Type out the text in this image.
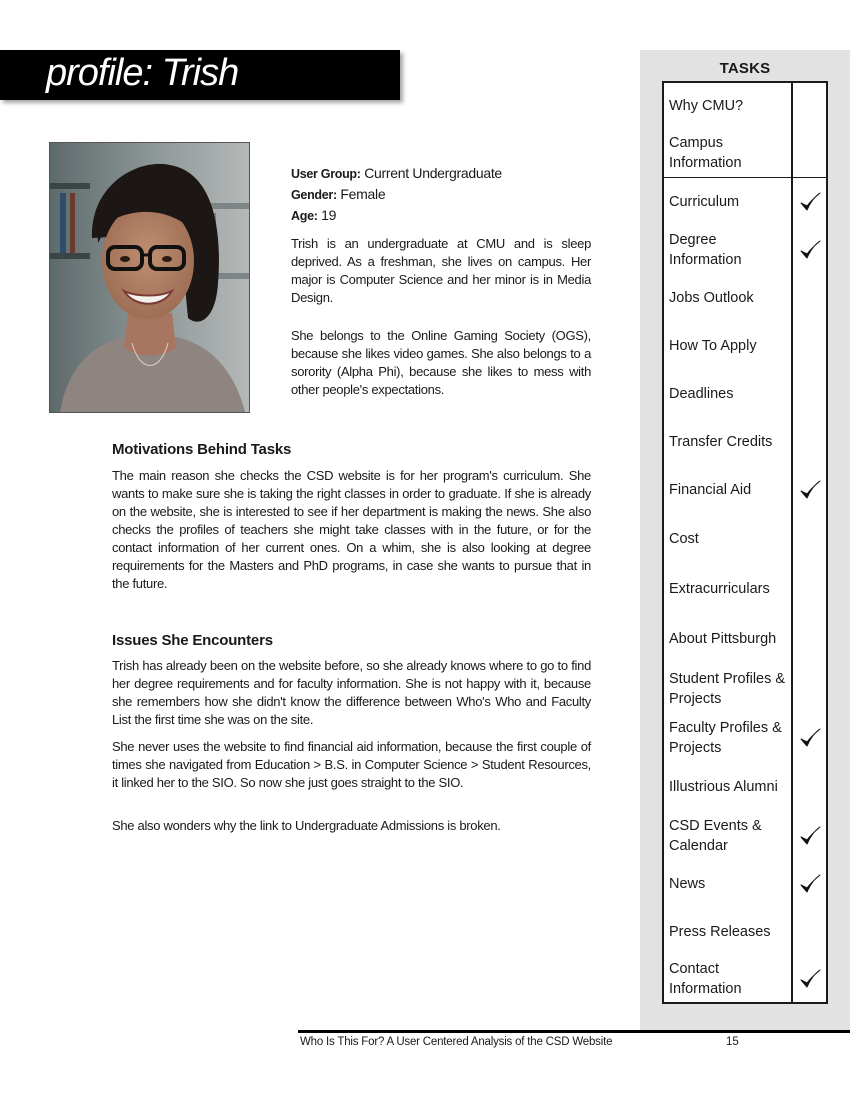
profile: Trish
User Group: Current Undergraduate
Gender: Female
Age: 19

Trish is an undergraduate at CMU and is sleep deprived. As a freshman, she lives on campus. Her major is Computer Science and her minor is in Media Design.

She belongs to the Online Gaming Society (OGS), because she likes video games. She also belongs to a sorority (Alpha Phi), because she likes to mess with other people's expectations.

Motivations Behind Tasks

The main reason she checks the CSD website is for her program's curriculum. She wants to make sure she is taking the right classes in order to graduate. If she is already on the website, she is interested to see if her department is making the news. She also checks the profiles of teachers she might take classes with in the future, or for the contact information of her current ones. On a whim, she is also looking at degree requirements for the Masters and PhD programs, in case she wants to pursue that in the future.

Issues She Encounters

Trish has already been on the website before, so she already knows where to go to find her degree requirements and for faculty information. She is not happy with it, because she remembers how she didn't know the difference between Who's Who and Faculty List the first time she was on the site.

She never uses the website to find financial aid information, because the first couple of times she navigated from Education > B.S. in Computer Science > Student Resources, it linked her to the SIO. So now she just goes straight to the SIO.

She also wonders why the link to Undergraduate Admissions is broken.

TASKS
Why CMU?
Campus Information
Curriculum
Degree Information
Jobs Outlook
How To Apply
Deadlines
Transfer Credits
Financial Aid
Cost
Extracurriculars
About Pittsburgh
Student Profiles & Projects
Faculty Profiles & Projects
Illustrious Alumni
CSD Events & Calendar
News
Press Releases
Contact Information
Who Is This For? A User Centered Analysis of the CSD Website	15
